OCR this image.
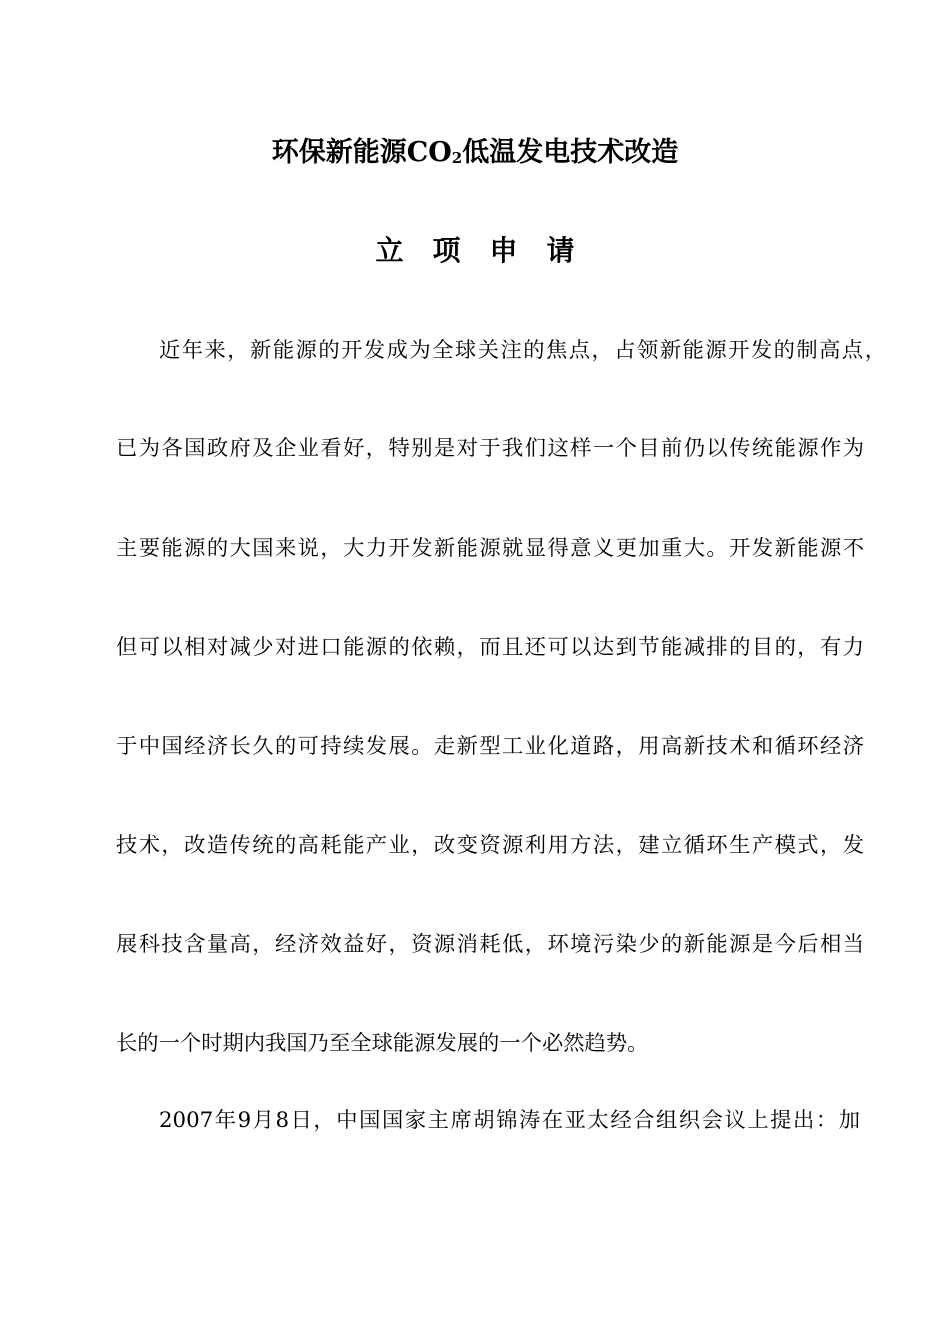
环保新能源$CO_2$低温发电技术改造
立项申请
近年来，新能源的开发成为全球关注的焦点，占领新能源开发的制高点，
已为各国政府及企业看好，特别是对于我们这样一个目前仍以传统能源作为
主要能源的大国来说，大力开发新能源就显得意义更加重大。开发新能源不
但可以相对减少对进口能源的依赖，而且还可以达到节能减排的目的，有力
于中国经济长久的可持续发展。走新型工业化道路，用高新技术和循环经济
技术，改造传统的高耗能产业，改变资源利用方法，建立循环生产模式，发
展科技含量高，经济效益好，资源消耗低，环境污染少的新能源是今后相当
长的一个时期内我国乃至全球能源发展的一个必然趋势。
2007年9月8日，中国国家主席胡锦涛在亚太经合组织会议上提出：加
